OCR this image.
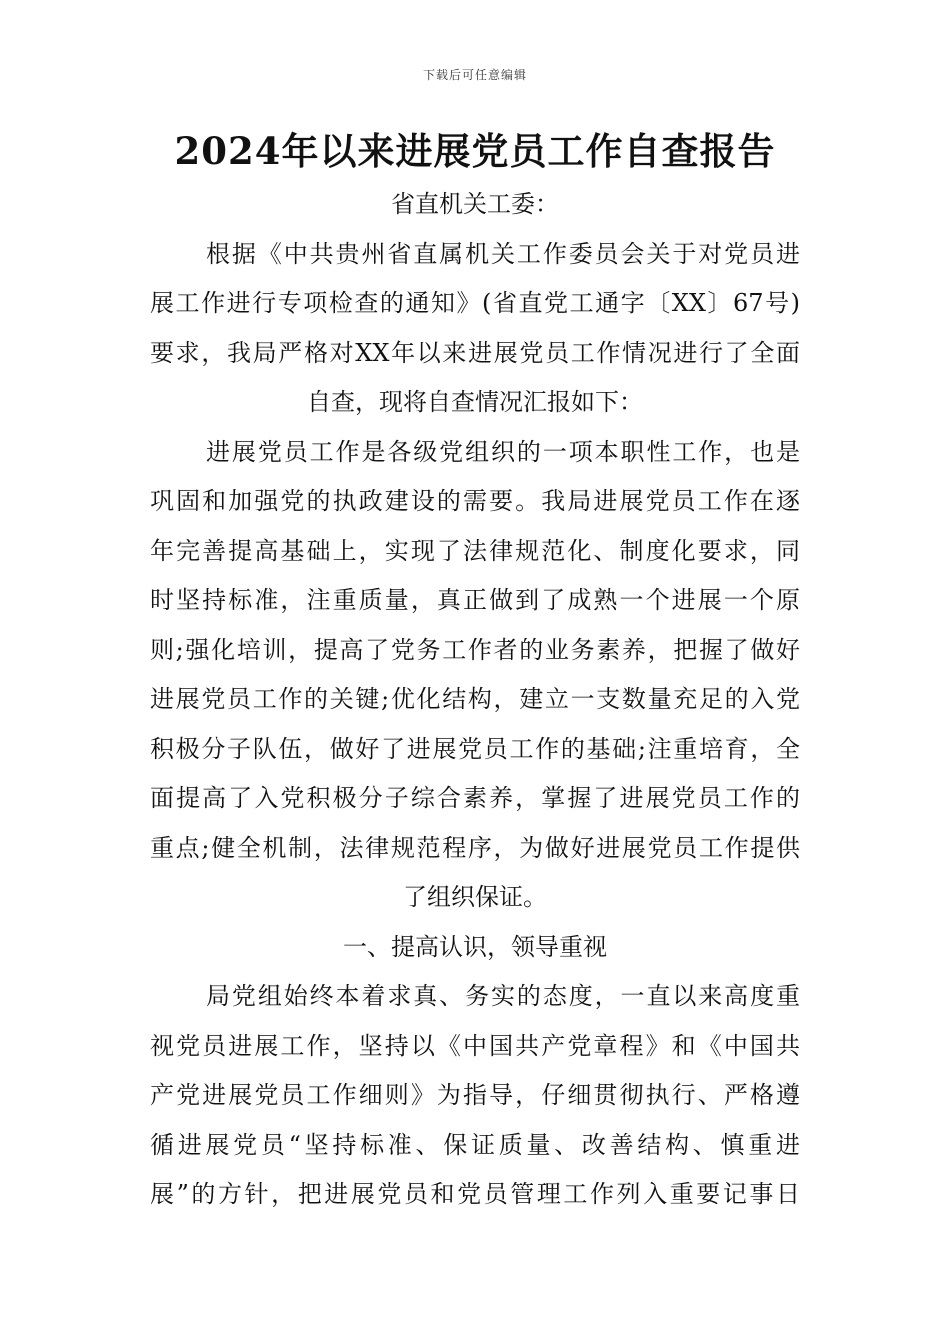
下载后可任意编辑
2024年以来进展党员工作自查报告
省直机关工委：
根据《中共贵州省直属机关工作委员会关于对党员进
展工作进行专项检查的通知》(省直党工通字〔XX〕67号)
要求，我局严格对XX年以来进展党员工作情况进行了全面
自查，现将自查情况汇报如下：
进展党员工作是各级党组织的一项本职性工作，也是
巩固和加强党的执政建设的需要。我局进展党员工作在逐
年完善提高基础上，实现了法律规范化、制度化要求，同
时坚持标准，注重质量，真正做到了成熟一个进展一个原
则;强化培训，提高了党务工作者的业务素养，把握了做好
进展党员工作的关键;优化结构，建立一支数量充足的入党
积极分子队伍，做好了进展党员工作的基础;注重培育，全
面提高了入党积极分子综合素养，掌握了进展党员工作的
重点;健全机制，法律规范程序，为做好进展党员工作提供
了组织保证。
一、提高认识，领导重视
局党组始终本着求真、务实的态度，一直以来高度重
视党员进展工作，坚持以《中国共产党章程》和《中国共
产党进展党员工作细则》为指导，仔细贯彻执行、严格遵
循进展党员“坚持标准、保证质量、改善结构、慎重进
展”的方针，把进展党员和党员管理工作列入重要记事日
